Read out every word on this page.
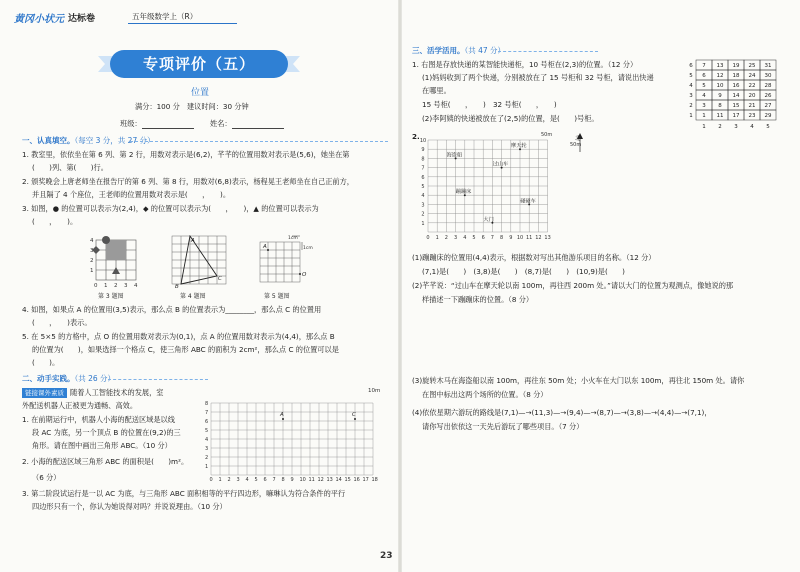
黄冈小状元 达标卷	五年级数学上（R）
专项评价（五）
位置
满分：100 分　建议时间：30 分钟
班级：	姓名：
一、认真填空。（每空 3 分，共 27 分）
1. 教室里，依依坐在第 6 列、第 2 行，用数对表示是(6,2)，芊芊的位置用数对表示是(5,6)，她坐在第
(　　)列、第(　　)行。
2. 颁奖晚会上唐老师坐在报告厅的第 6 列、第 8 行，用数对(6,8)表示，杨程晃王老师坐在自己正前方，
并且隔了 4 个座位，王老师的位置用数对表示是(　　，　　)。
3. 如图，● 的位置可以表示为(2,4)，◆ 的位置可以表示为(　　，　　)，▲ 的位置可以表示为
(　　，　　)。
4
3
2
1
0 1 2 3 4
第 3 题图
A
B
C
第 4 题图
1cm
1cm
A
O
第 5 题图
4. 如图，如果点 A 的位置用(3,5)表示，那么点 B 的位置表示为________，那么点 C 的位置用
(　　，　　)表示。
5. 在 5×5 的方格中，点 O 的位置用数对表示为(0,1)，点 A 的位置用数对表示为(4,4)，那么点 B
的位置为(　　)，如果选择一个格点 C，使三角形 ABC 的面积为 2cm²，那么点 C 的位置可以是
(　　)。
二、动手实践。（共 26 分）
链接课外素质 随着人工智能技术的发展，室
外配送机器人正被更为通畅、高效。
1. 在前期运行中，机器人小海的配送区域是以线
段 AC 为底，另一个顶点 B 的位置在(9,2)的三
角形。请在图中画出三角形 ABC。（10 分）
2. 小海的配送区域三角形 ABC 的面积是(　　)m²。
（6 分）	0 1 2 3 4 5 6 7 8 9 10 11 12 13 14 15 16 17 18
1
2
3
4
5
6
7
8
10m
A	C
3. 第二阶段试运行是一以 AC 为底，与三角形 ABC 面积相等的平行四边形，嘛琳认为符合条件的平行
四边形只有一个，你认为她说得对吗？并说说理由。（10 分）
三、活学活用。（共 47 分）
1. 右图是存放快递的某智能快递柜，10 号柜在(2,3)的位置。（12 分）
(1)妈妈收到了两个快递，分别被放在了 15 号柜和 32 号柜，请说出快递
在哪里。
15 号柜(　　，　　)　32 号柜(　　，　　)
(2)李阿姨的快递被放在了(2,5)的位置，是(　　)号柜。
6 7 13 19 25 31
5 6 12 18 24 30
4 5 10 16 22 28
3 4 9 14 20 26
2 3 8 15 21 27
1 1 11 17 23 29
1 2 3 4 5
2.
0 1 2 3 4 5 6 7 8 9 10 11 12 13
1
2
3
4
5
6
7
8
9
10
50m
50m
北
海盗船
摩天轮
过山车
蹦蹦床
碰碰车
大门
(1)蹦蹦床的位置用(4,4)表示，根据数对写出其他游乐项目的名称。（12 分）
(7,1)是(　　)　(3,8)是(　　)　(8,7)是(　　)　(10,9)是(　　)
(2)芊芊说：“过山车在摩天轮以南 100m，再往西 200m 处。”请以大门的位置为观测点，像她说的那
样描述一下蹦蹦床的位置。（8 分）
(3)旋转木马在海盗船以南 100m，再往东 50m 处；小火车在大门以东 100m，再往北 150m 处。请你
在图中标出这两个场所的位置。（8 分）
(4)依依星期六游玩的路线是(7,1)—→(11,3)—→(9,4)—→(8,7)—→(3,8)—→(4,4)—→(7,1)，
请你写出依依这一天先后游玩了哪些项目。（7 分）
23
